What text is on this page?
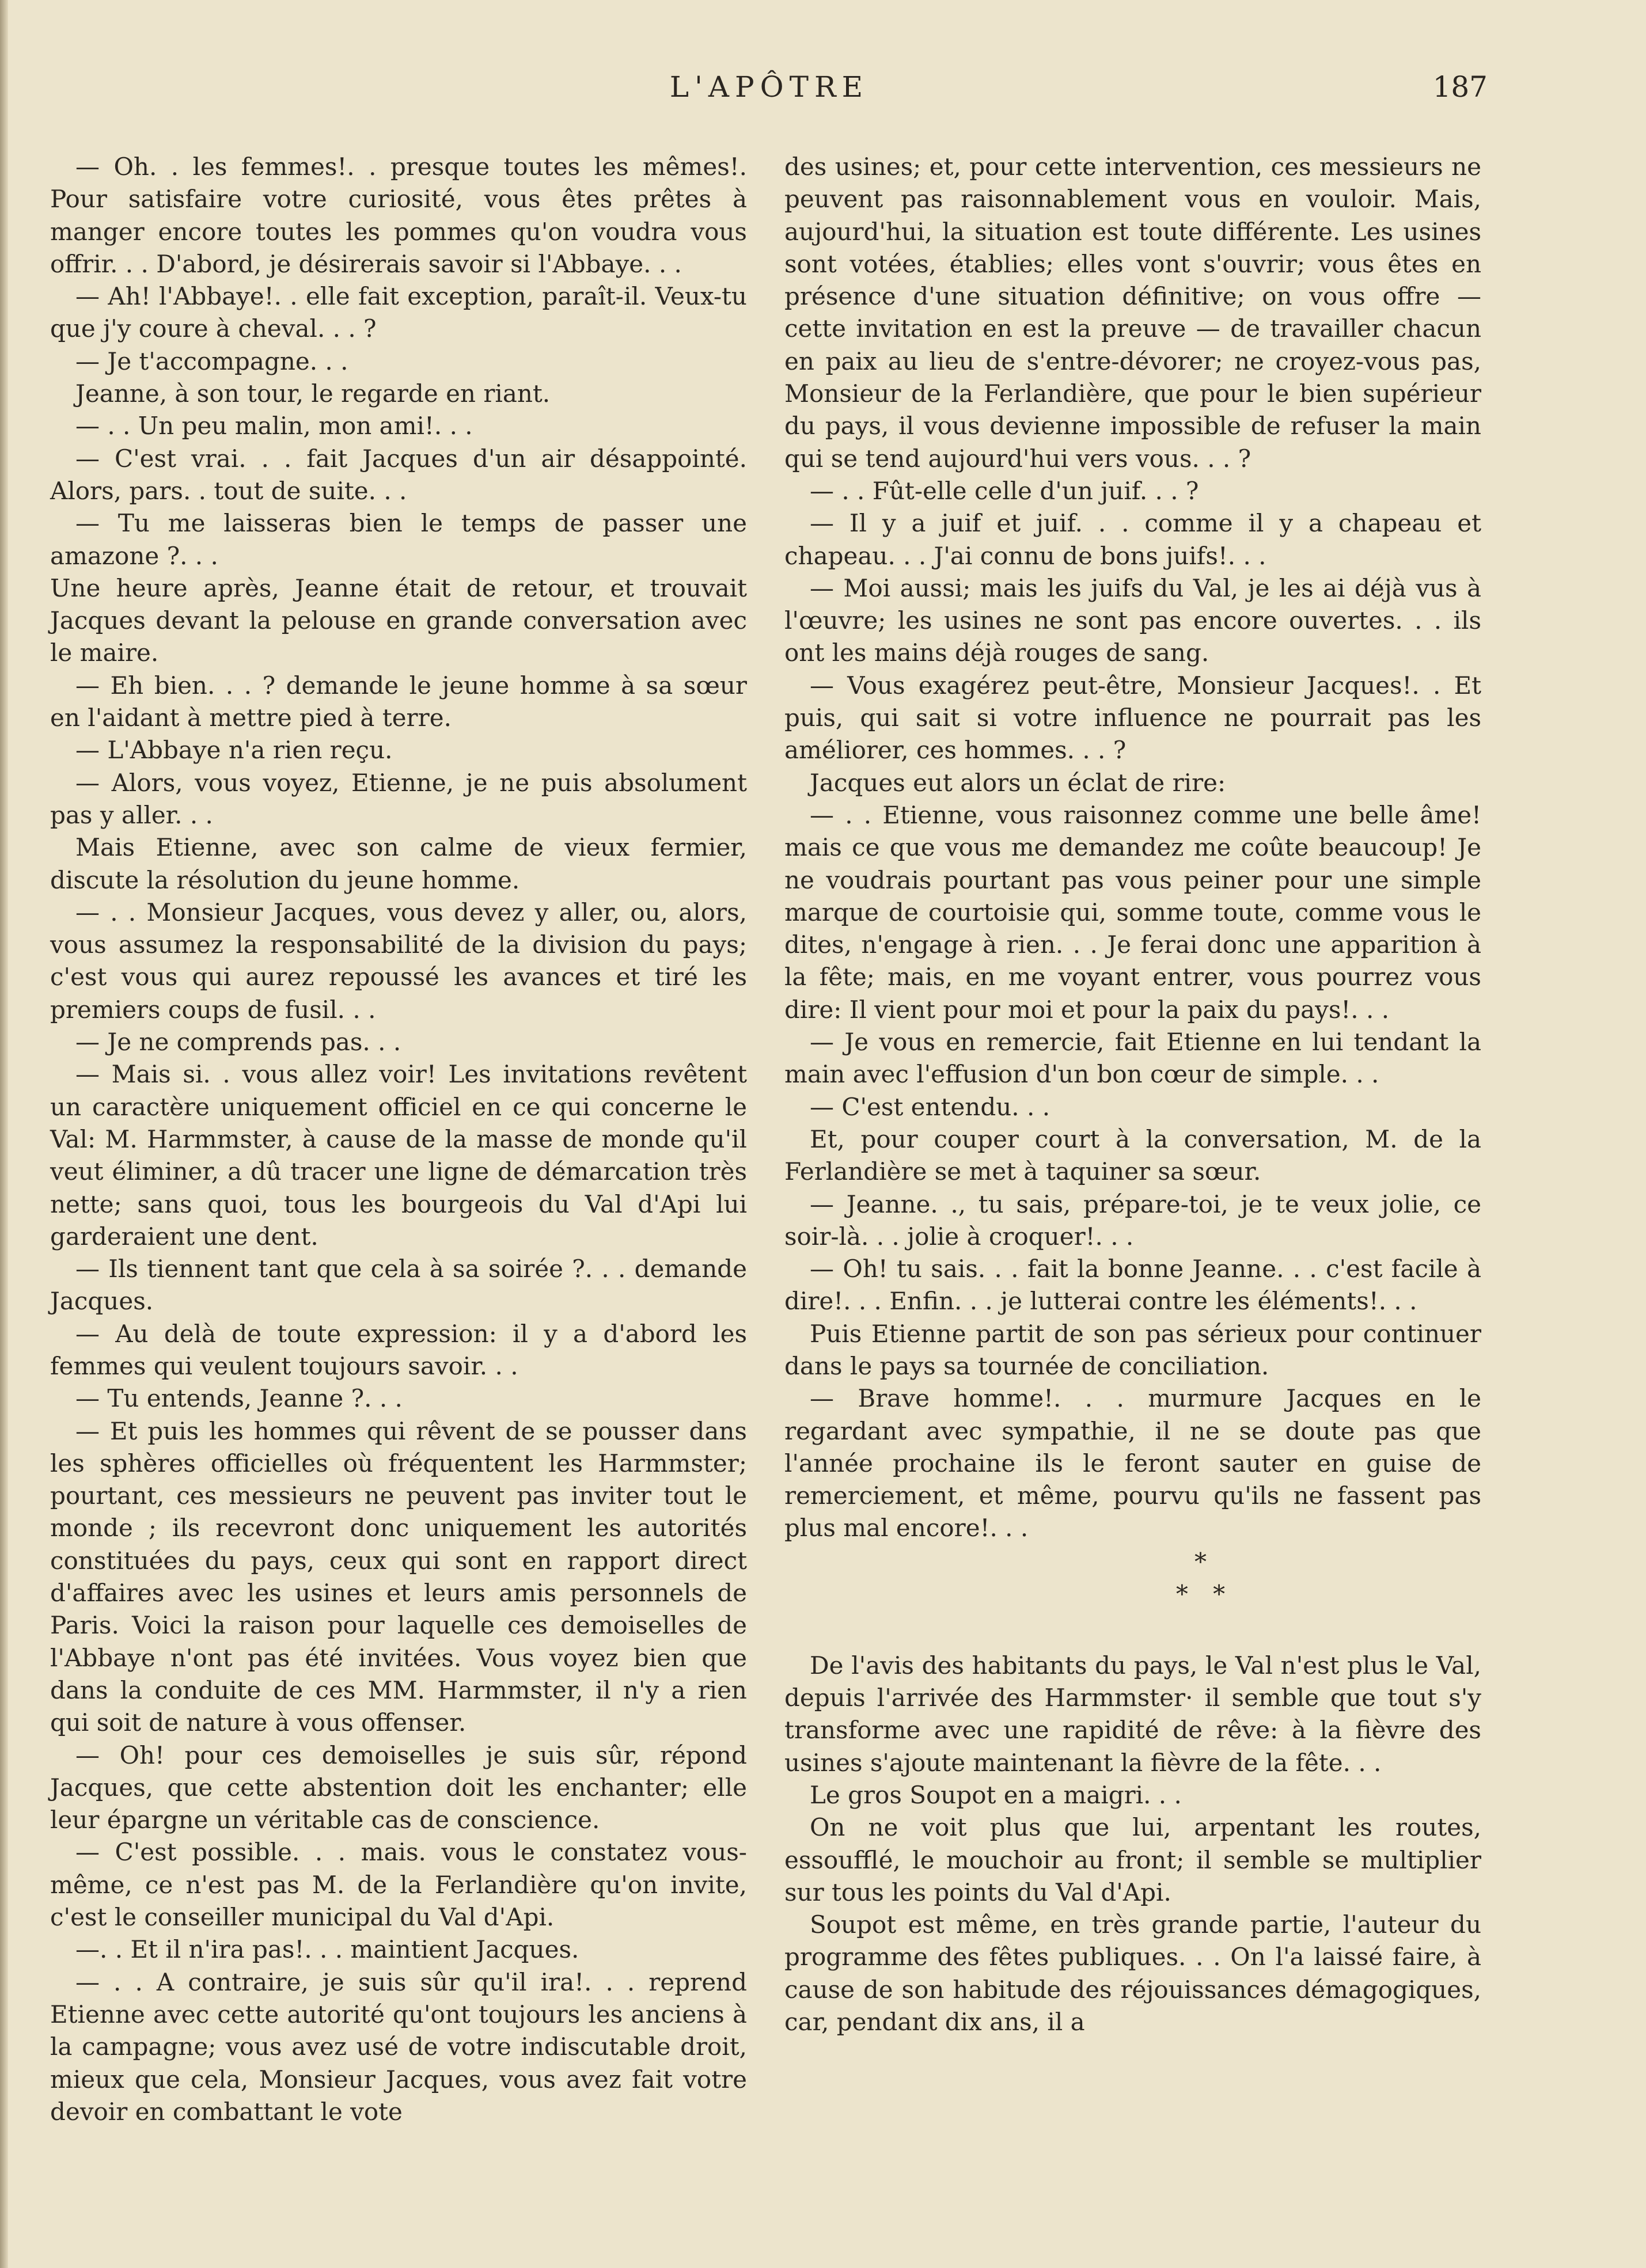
L'APÔTRE	187

— Oh. . les femmes!. . presque toutes les mêmes!. Pour satisfaire votre curiosité, vous êtes prêtes à manger encore toutes les pommes qu'on voudra vous offrir. . . D'abord, je désirerais savoir si l'Abbaye. . .

— Ah! l'Abbaye!. . elle fait exception, paraît-il. Veux-tu que j'y coure à cheval. . . ?

— Je t'accompagne. . .

Jeanne, à son tour, le regarde en riant.

— . . Un peu malin, mon ami!. . .

— C'est vrai. . . fait Jacques d'un air désappointé. Alors, pars. . tout de suite. . .

— Tu me laisseras bien le temps de passer une amazone ?. . .

Une heure après, Jeanne était de retour, et trouvait Jacques devant la pelouse en grande conversation avec le maire.

— Eh bien. . . ? demande le jeune homme à sa sœur en l'aidant à mettre pied à terre.

— L'Abbaye n'a rien reçu.

— Alors, vous voyez, Etienne, je ne puis absolument pas y aller. . .

Mais Etienne, avec son calme de vieux fermier, discute la résolution du jeune homme.

— . . Monsieur Jacques, vous devez y aller, ou, alors, vous assumez la responsabilité de la division du pays; c'est vous qui aurez repoussé les avances et tiré les premiers coups de fusil. . .

— Je ne comprends pas. . .

— Mais si. . vous allez voir! Les invitations revêtent un caractère uniquement officiel en ce qui concerne le Val: M. Harmmster, à cause de la masse de monde qu'il veut éliminer, a dû tracer une ligne de démarcation très nette; sans quoi, tous les bourgeois du Val d'Api lui garderaient une dent.

— Ils tiennent tant que cela à sa soirée ?. . . demande Jacques.

— Au delà de toute expression: il y a d'abord les femmes qui veulent toujours savoir. . .

— Tu entends, Jeanne ?. . .

— Et puis les hommes qui rêvent de se pousser dans les sphères officielles où fréquentent les Harmmster; pourtant, ces messieurs ne peuvent pas inviter tout le monde ; ils recevront donc uniquement les autorités constituées du pays, ceux qui sont en rapport direct d'affaires avec les usines et leurs amis personnels de Paris. Voici la raison pour laquelle ces demoiselles de l'Abbaye n'ont pas été invitées. Vous voyez bien que dans la conduite de ces MM. Harmmster, il n'y a rien qui soit de nature à vous offenser.

— Oh! pour ces demoiselles je suis sûr, répond Jacques, que cette abstention doit les enchanter; elle leur épargne un véritable cas de conscience.

— C'est possible. . . mais. vous le constatez vous-même, ce n'est pas M. de la Ferlandière qu'on invite, c'est le conseiller municipal du Val d'Api.

—. . Et il n'ira pas!. . . maintient Jacques.

— . . A contraire, je suis sûr qu'il ira!. . . reprend Etienne avec cette autorité qu'ont toujours les anciens à la campagne; vous avez usé de votre indiscutable droit, mieux que cela, Monsieur Jacques, vous avez fait votre devoir en combattant le vote

des usines; et, pour cette intervention, ces messieurs ne peuvent pas raisonnablement vous en vouloir. Mais, aujourd'hui, la situation est toute différente. Les usines sont votées, établies; elles vont s'ouvrir; vous êtes en présence d'une situation définitive; on vous offre — cette invitation en est la preuve — de travailler chacun en paix au lieu de s'entre-dévorer; ne croyez-vous pas, Monsieur de la Ferlandière, que pour le bien supérieur du pays, il vous devienne impossible de refuser la main qui se tend aujourd'hui vers vous. . . ?

— . . Fût-elle celle d'un juif. . . ?

— Il y a juif et juif. . . comme il y a chapeau et chapeau. . . J'ai connu de bons juifs!. . .

— Moi aussi; mais les juifs du Val, je les ai déjà vus à l'œuvre; les usines ne sont pas encore ouvertes. . . ils ont les mains déjà rouges de sang.

— Vous exagérez peut-être, Monsieur Jacques!. . Et puis, qui sait si votre influence ne pourrait pas les améliorer, ces hommes. . . ?

Jacques eut alors un éclat de rire:

— . . Etienne, vous raisonnez comme une belle âme! mais ce que vous me demandez me coûte beaucoup! Je ne voudrais pourtant pas vous peiner pour une simple marque de courtoisie qui, somme toute, comme vous le dites, n'engage à rien. . . Je ferai donc une apparition à la fête; mais, en me voyant entrer, vous pourrez vous dire: Il vient pour moi et pour la paix du pays!. . .

— Je vous en remercie, fait Etienne en lui tendant la main avec l'effusion d'un bon cœur de simple. . .

— C'est entendu. . .

Et, pour couper court à la conversation, M. de la Ferlandière se met à taquiner sa sœur.

— Jeanne. ., tu sais, prépare-toi, je te veux jolie, ce soir-là. . . jolie à croquer!. . .

— Oh! tu sais. . . fait la bonne Jeanne. . . c'est facile à dire!. . . Enfin. . . je lutterai contre les éléments!. . .

Puis Etienne partit de son pas sérieux pour continuer dans le pays sa tournée de conciliation.

— Brave homme!. . . murmure Jacques en le regardant avec sympathie, il ne se doute pas que l'année prochaine ils le feront sauter en guise de remerciement, et même, pourvu qu'ils ne fassent pas plus mal encore!. . .

*
* *

De l'avis des habitants du pays, le Val n'est plus le Val, depuis l'arrivée des Harmmster· il semble que tout s'y transforme avec une rapidité de rêve: à la fièvre des usines s'ajoute maintenant la fièvre de la fête. . .

Le gros Soupot en a maigri. . .

On ne voit plus que lui, arpentant les routes, essoufflé, le mouchoir au front; il semble se multiplier sur tous les points du Val d'Api.

Soupot est même, en très grande partie, l'auteur du programme des fêtes publiques. . . On l'a laissé faire, à cause de son habitude des réjouissances démagogiques, car, pendant dix ans, il a
